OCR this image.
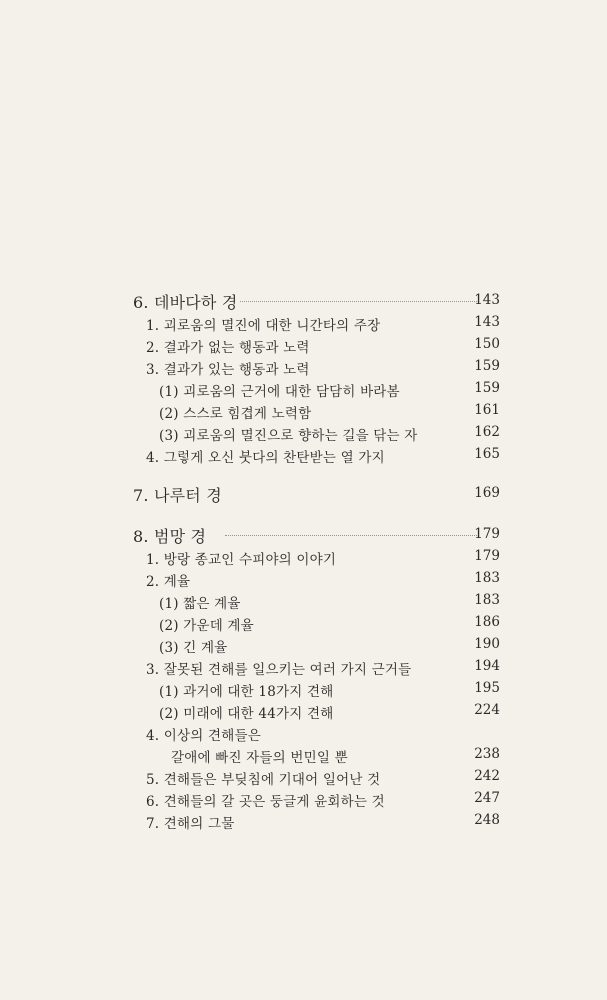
6. 데바다하 경	143
1. 괴로움의 멸진에 대한 니간타의 주장	143
2. 결과가 없는 행동과 노력	150
3. 결과가 있는 행동과 노력	159
(1) 괴로움의 근거에 대한 담담히 바라봄	159
(2) 스스로 힘겹게 노력함	161
(3) 괴로움의 멸진으로 향하는 길을 닦는 자	162
4. 그렇게 오신 붓다의 찬탄받는 열 가지	165
7. 나루터 경	169
8. 범망 경	179
1. 방랑 종교인 수피야의 이야기	179
2. 계율	183
(1) 짧은 계율	183
(2) 가운데 계율	186
(3) 긴 계율	190
3. 잘못된 견해를 일으키는 여러 가지 근거들	194
(1) 과거에 대한 18가지 견해	195
(2) 미래에 대한 44가지 견해	224
4. 이상의 견해들은
갈애에 빠진 자들의 번민일 뿐	238
5. 견해들은 부딪침에 기대어 일어난 것	242
6. 견해들의 갈 곳은 둥글게 윤회하는 것	247
7. 견해의 그물	248
